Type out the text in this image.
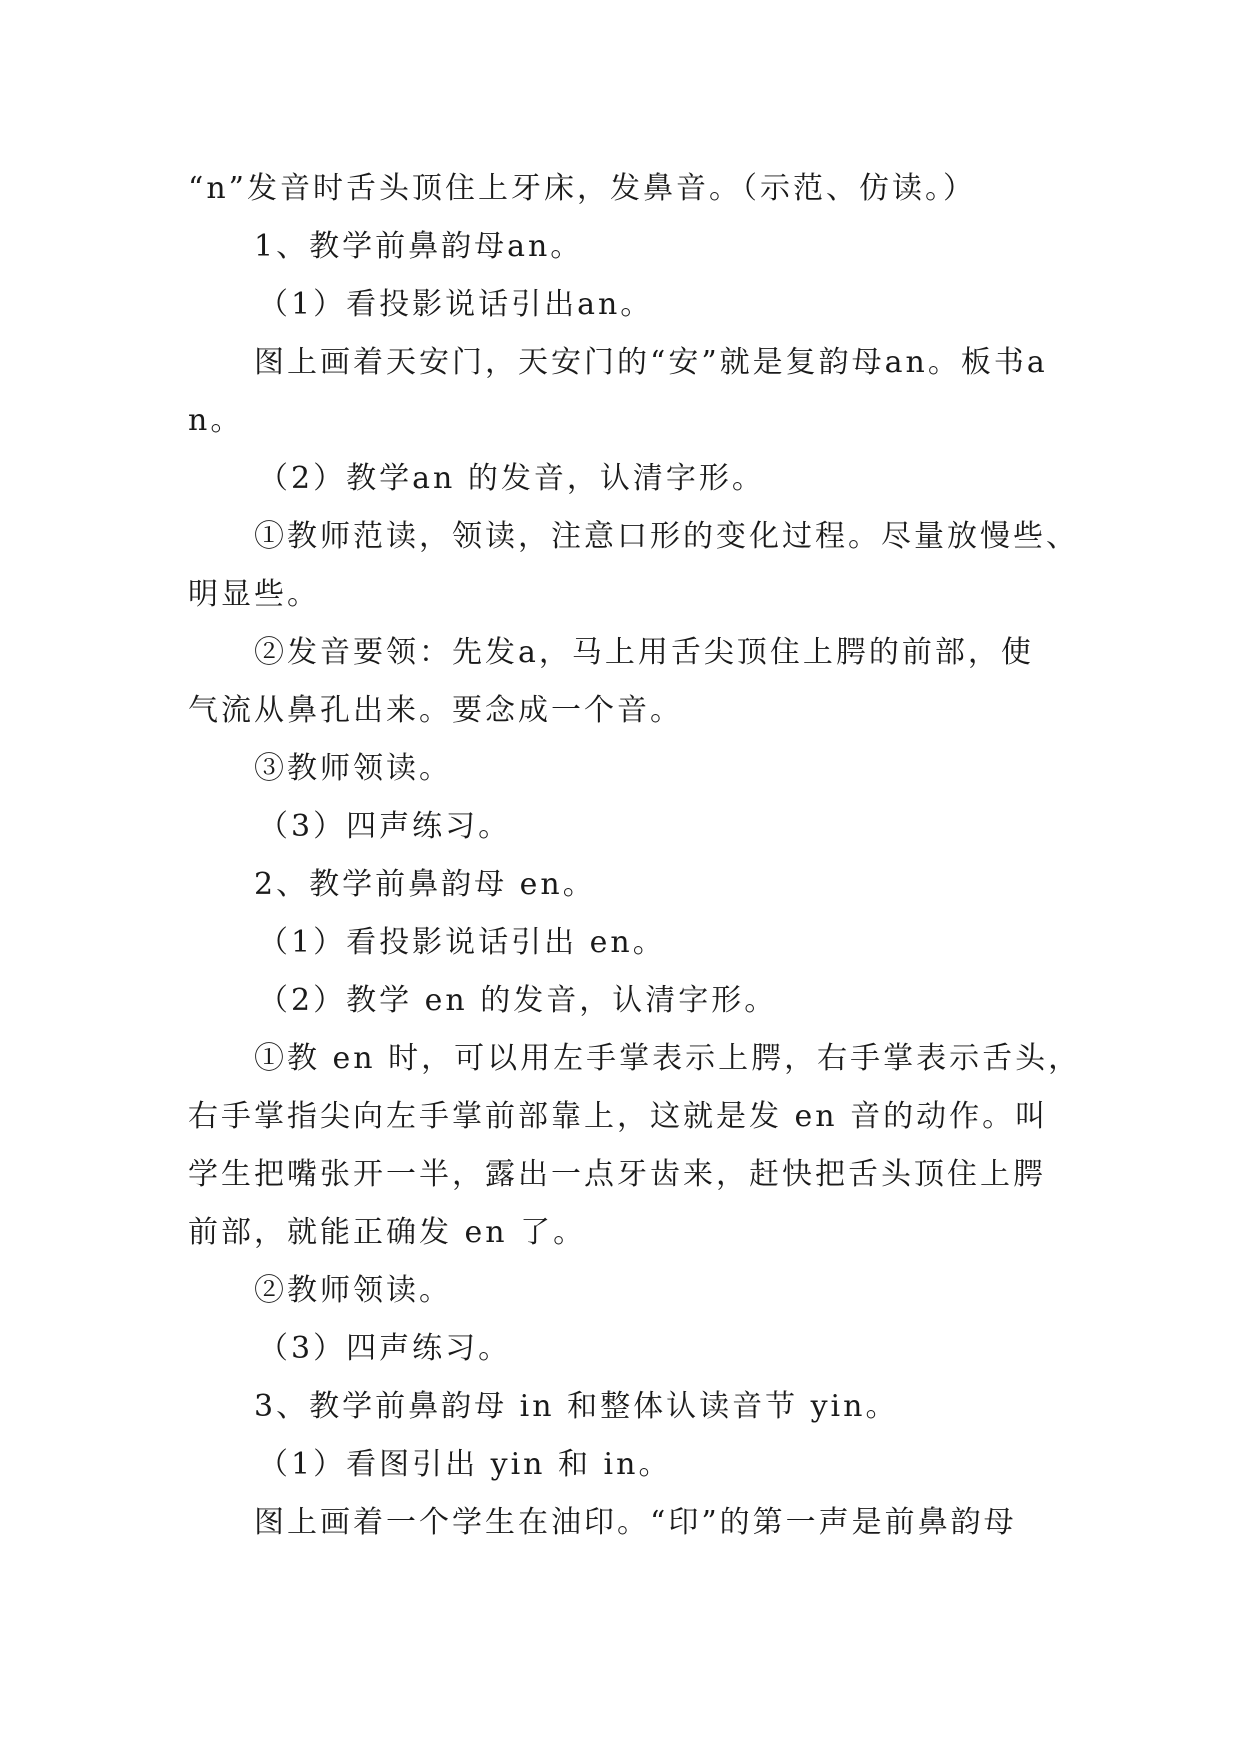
“n”发音时舌头顶住上牙床，发鼻音。（示范、仿读。）
1、教学前鼻韵母an。
（1）看投影说话引出an。
图上画着天安门，天安门的“安”就是复韵母an。板书a
n。
（2）教学an 的发音，认清字形。
①教师范读，领读，注意口形的变化过程。尽量放慢些、
明显些。
②发音要领：先发a，马上用舌尖顶住上腭的前部，使
气流从鼻孔出来。要念成一个音。
③教师领读。
（3）四声练习。
2、教学前鼻韵母 en。
（1）看投影说话引出 en。
（2）教学 en 的发音，认清字形。
①教 en 时，可以用左手掌表示上腭，右手掌表示舌头，
右手掌指尖向左手掌前部靠上，这就是发 en 音的动作。叫
学生把嘴张开一半，露出一点牙齿来，赶快把舌头顶住上腭
前部，就能正确发 en 了。
②教师领读。
（3）四声练习。
3、教学前鼻韵母 in 和整体认读音节 yin。
（1）看图引出 yin 和 in。
图上画着一个学生在油印。“印”的第一声是前鼻韵母
